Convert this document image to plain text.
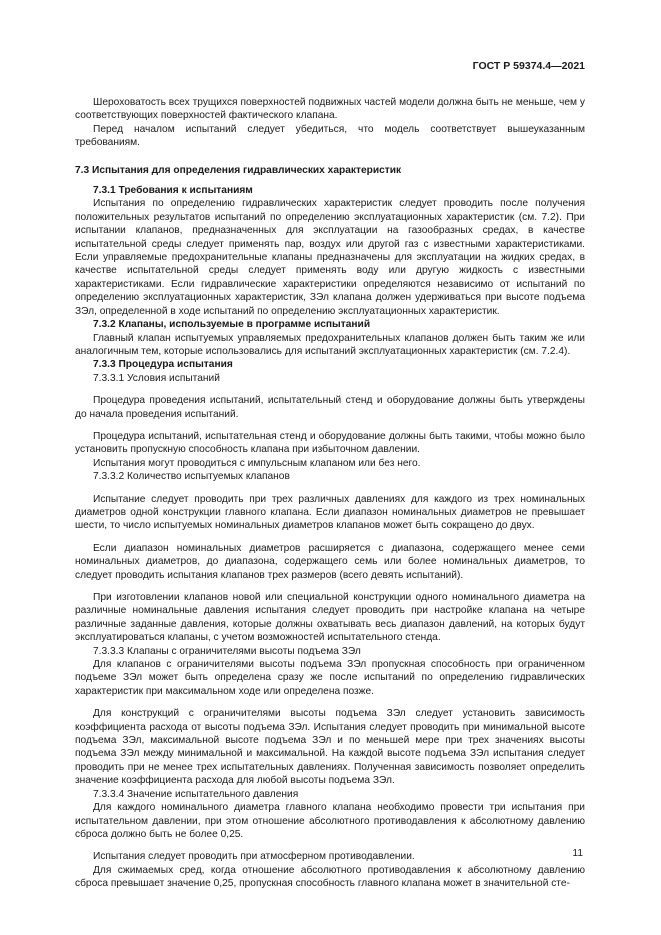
ГОСТ Р 59374.4—2021

Шероховатость всех трущихся поверхностей подвижных частей модели должна быть не меньше, чем у соответствующих поверхностей фактического клапана.

Перед началом испытаний следует убедиться, что модель соответствует вышеуказанным требованиям.

7.3 Испытания для определения гидравлических характеристик

7.3.1 Требования к испытаниям

Испытания по определению гидравлических характеристик следует проводить после получения положительных результатов испытаний по определению эксплуатационных характеристик (см. 7.2). При испытании клапанов, предназначенных для эксплуатации на газообразных средах, в качестве испытательной среды следует применять пар, воздух или другой газ с известными характеристиками. Если управляемые предохранительные клапаны предназначены для эксплуатации на жидких средах, в качестве испытательной среды следует применять воду или другую жидкость с известными характеристиками. Если гидравлические характеристики определяются независимо от испытаний по определению эксплуатационных характеристик, ЗЭл клапана должен удерживаться при высоте подъема ЗЭл, определенной в ходе испытаний по определению эксплуатационных характеристик.

7.3.2 Клапаны, используемые в программе испытаний

Главный клапан испытуемых управляемых предохранительных клапанов должен быть таким же или аналогичным тем, которые использовались для испытаний эксплуатационных характеристик (см. 7.2.4).

7.3.3 Процедура испытания

7.3.3.1 Условия испытаний

Процедура проведения испытаний, испытательный стенд и оборудование должны быть утверждены до начала проведения испытаний.

Процедура испытаний, испытательная стенд и оборудование должны быть такими, чтобы можно было установить пропускную способность клапана при избыточном давлении.

Испытания могут проводиться с импульсным клапаном или без него.

7.3.3.2 Количество испытуемых клапанов

Испытание следует проводить при трех различных давлениях для каждого из трех номинальных диаметров одной конструкции главного клапана. Если диапазон номинальных диаметров не превышает шести, то число испытуемых номинальных диаметров клапанов может быть сокращено до двух.

Если диапазон номинальных диаметров расширяется с диапазона, содержащего менее семи номинальных диаметров, до диапазона, содержащего семь или более номинальных диаметров, то следует проводить испытания клапанов трех размеров (всего девять испытаний).

При изготовлении клапанов новой или специальной конструкции одного номинального диаметра на различные номинальные давления испытания следует проводить при настройке клапана на четыре различные заданные давления, которые должны охватывать весь диапазон давлений, на которых будут эксплуатироваться клапаны, с учетом возможностей испытательного стенда.

7.3.3.3 Клапаны с ограничителями высоты подъема ЗЭл

Для клапанов с ограничителями высоты подъема ЗЭл пропускная способность при ограниченном подъеме ЗЭл может быть определена сразу же после испытаний по определению гидравлических характеристик при максимальном ходе или определена позже.

Для конструкций с ограничителями высоты подъема ЗЭл следует установить зависимость коэффициента расхода от высоты подъема ЗЭл. Испытания следует проводить при минимальной высоте подъема ЗЭл, максимальной высоте подъема ЗЭл и по меньшей мере при трех значениях высоты подъема ЗЭл между минимальной и максимальной. На каждой высоте подъема ЗЭл испытания следует проводить при не менее трех испытательных давлениях. Полученная зависимость позволяет определить значение коэффициента расхода для любой высоты подъема ЗЭл.

7.3.3.4 Значение испытательного давления

Для каждого номинального диаметра главного клапана необходимо провести три испытания при испытательном давлении, при этом отношение абсолютного противодавления к абсолютному давлению сброса должно быть не более 0,25.

Испытания следует проводить при атмосферном противодавлении.

Для сжимаемых сред, когда отношение абсолютного противодавления к абсолютному давлению сброса превышает значение 0,25, пропускная способность главного клапана может в значительной сте-

11
